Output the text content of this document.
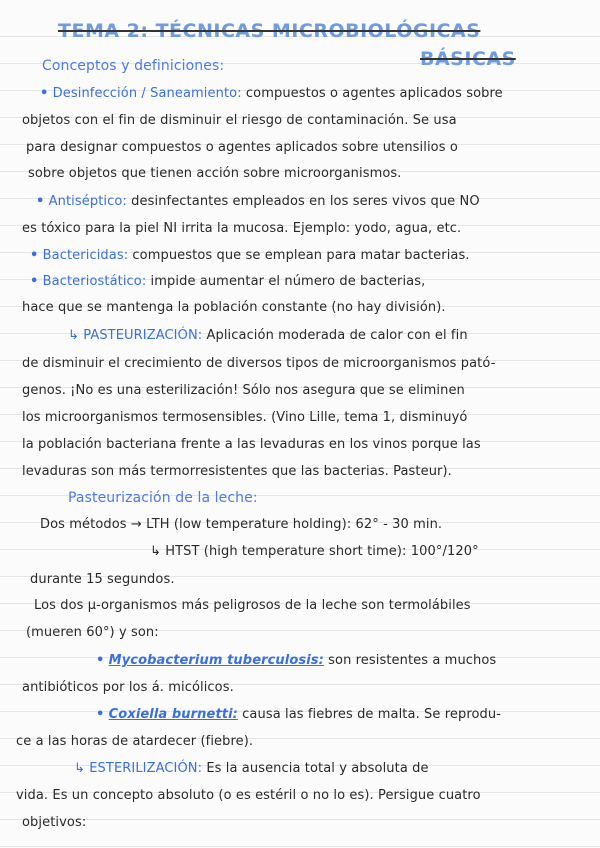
TEMA 2: TÉCNICAS MICROBIOLÓGICAS
BÁSICAS
Conceptos y definiciones:
• Desinfección / Saneamiento: compuestos o agentes aplicados sobre
objetos con el fin de disminuir el riesgo de contaminación. Se usa
para designar compuestos o agentes aplicados sobre utensilios o
sobre objetos que tienen acción sobre microorganismos.
• Antiséptico: desinfectantes empleados en los seres vivos que NO
es tóxico para la piel NI irrita la mucosa. Ejemplo: yodo, agua, etc.
• Bactericidas: compuestos que se emplean para matar bacterias.
• Bacteriostático: impide aumentar el número de bacterias,
hace que se mantenga la población constante (no hay división).
↳ PASTEURIZACIÓN: Aplicación moderada de calor con el fin
de disminuir el crecimiento de diversos tipos de microorganismos pató-
genos. ¡No es una esterilización! Sólo nos asegura que se eliminen
los microorganismos termosensibles. (Vino Lille, tema 1, disminuyó
la población bacteriana frente a las levaduras en los vinos porque las
levaduras son más termorresistentes que las bacterias. Pasteur).
Pasteurización de la leche:
Dos métodos → LTH (low temperature holding): 62° - 30 min.
↳ HTST (high temperature short time): 100°/120°
durante 15 segundos.
Los dos μ-organismos más peligrosos de la leche son termolábiles
(mueren 60°) y son:
• Mycobacterium tuberculosis: son resistentes a muchos
antibióticos por los á. micólicos.
• Coxiella burnetti: causa las fiebres de malta. Se reprodu-
ce a las horas de atardecer (fiebre).
↳ ESTERILIZACIÓN: Es la ausencia total y absoluta de
vida. Es un concepto absoluto (o es estéril o no lo es). Persigue cuatro
objetivos:
